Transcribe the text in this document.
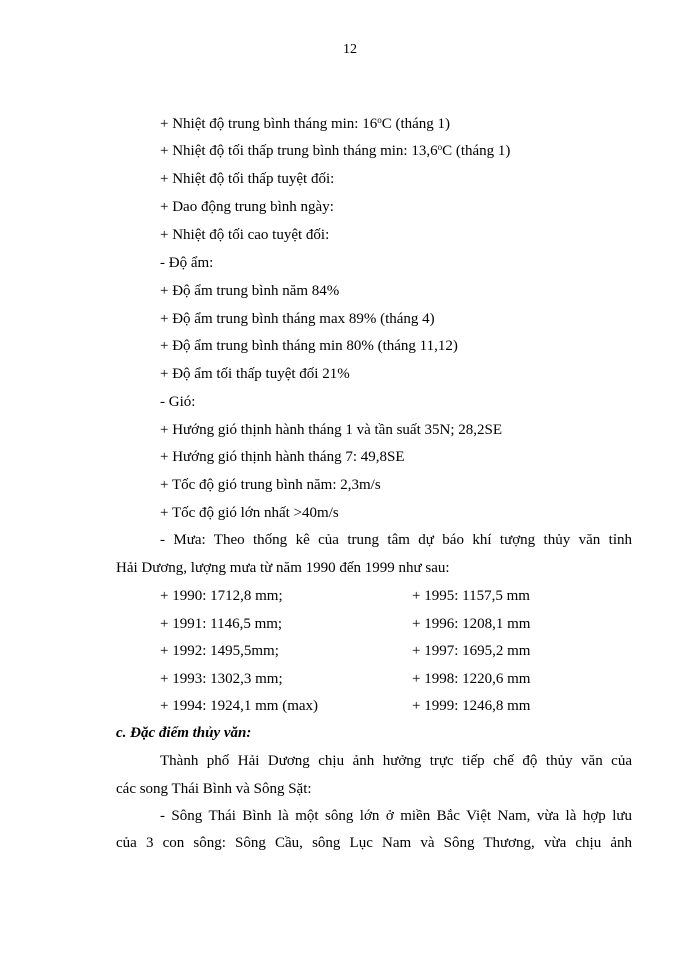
12
+ Nhiệt độ trung bình tháng min: 16$^o$C (tháng 1)
+ Nhiệt độ tối thấp trung bình tháng min: 13,6$^o$C (tháng 1)
+ Nhiệt độ tối thấp tuyệt đối:
+ Dao động trung bình ngày:
+ Nhiệt độ tối cao tuyệt đối:
- Độ ẩm:
+ Độ ẩm trung bình năm 84%
+ Độ ẩm trung bình tháng max 89% (tháng 4)
+ Độ ẩm trung bình tháng min 80% (tháng 11,12)
+ Độ ẩm tối thấp tuyệt đối 21%
- Gió:
+ Hướng gió thịnh hành tháng 1 và tần suất 35N; 28,2SE
+ Hướng gió thịnh hành tháng 7: 49,8SE
+ Tốc độ gió trung bình năm: 2,3m/s
+ Tốc độ gió lớn nhất >40m/s
- Mưa: Theo thống kê của trung tâm dự báo khí tượng thủy văn tỉnh
Hải Dương, lượng mưa từ năm 1990 đến 1999 như sau:
+ 1990: 1712,8 mm;	+ 1995: 1157,5 mm
+ 1991: 1146,5 mm;	+ 1996: 1208,1 mm
+ 1992: 1495,5mm;	+ 1997: 1695,2 mm
+ 1993: 1302,3 mm;	+ 1998: 1220,6 mm
+ 1994: 1924,1 mm (max)	+ 1999: 1246,8 mm
c. Đặc điểm thủy văn:
Thành phố Hải Dương chịu ảnh hưởng trực tiếp chế độ thủy văn của
các song Thái Bình và Sông Sặt:
- Sông Thái Bình là một sông lớn ở miền Bắc Việt Nam, vừa là hợp lưu
của 3 con sông: Sông Cầu, sông Lục Nam và Sông Thương, vừa chịu ảnh
